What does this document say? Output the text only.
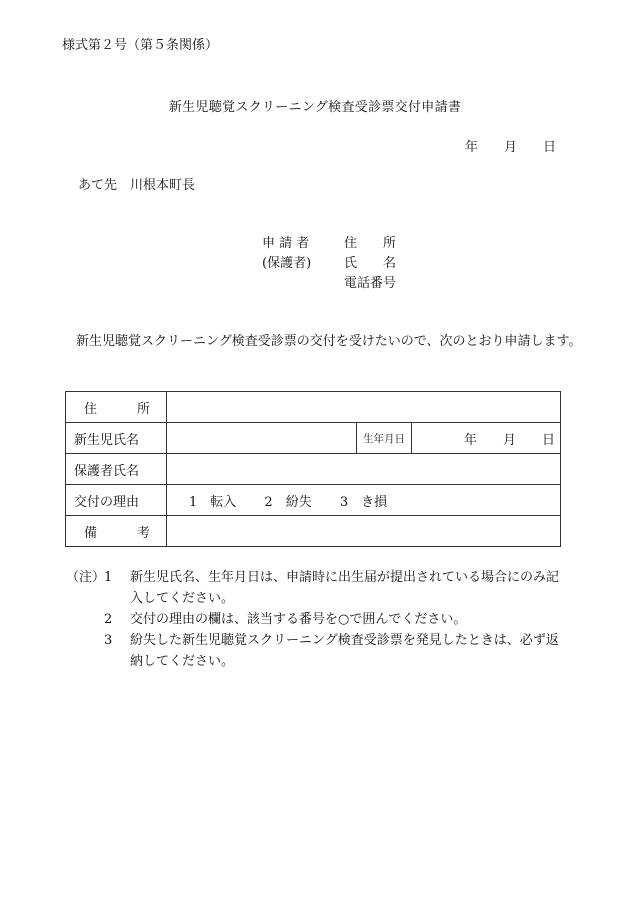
様式第２号（第５条関係）
新生児聴覚スクリーニング検査受診票交付申請書
年 月 日
あて先　川根本町長
申 請 者	住　　所
(保護者)	氏　　名
電話番号
新生児聴覚スクリーニング検査受診票の交付を受けたいので、次のとおり申請します。
住所			
新生児氏名		生年月日	年　　月　　日
保護者氏名			
交付の理由	1　転入 2　紛失 3　き損		
備考			
（注）
1	新生児氏名、生年月日は、申請時に出生届が提出されている場合にのみ記入してください。
2	交付の理由の欄は、該当する番号を○で囲んでください。
3	紛失した新生児聴覚スクリーニング検査受診票を発見したときは、必ず返納してください。
